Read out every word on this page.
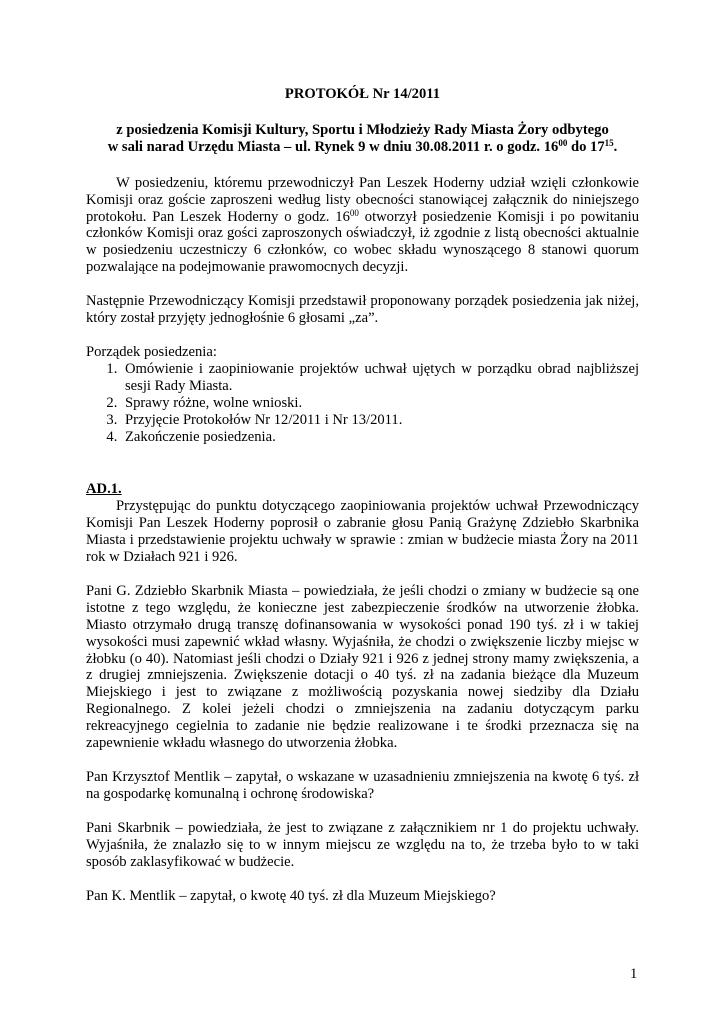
PROTOKÓŁ Nr 14/2011

z posiedzenia Komisji Kultury, Sportu i Młodzieży Rady Miasta Żory odbytego
w sali narad Urzędu Miasta – ul. Rynek 9 w dniu 30.08.2011 r. o godz. $16^{00}$ do $17^{15}$.

W posiedzeniu, któremu przewodniczył Pan Leszek Hoderny udział wzięli członkowie Komisji oraz goście zaproszeni według listy obecności stanowiącej załącznik do niniejszego protokołu. Pan Leszek Hoderny o godz. $16^{00}$ otworzył posiedzenie Komisji i po powitaniu członków Komisji oraz gości zaproszonych oświadczył, iż zgodnie z listą obecności aktualnie w posiedzeniu uczestniczy 6 członków, co wobec składu wynoszącego 8 stanowi quorum pozwalające na podejmowanie prawomocnych decyzji.

Następnie Przewodniczący Komisji przedstawił proponowany porządek posiedzenia jak niżej, który został przyjęty jednogłośnie 6 głosami „za”.

Porządek posiedzenia:

1. Omówienie i zaopiniowanie projektów uchwał ujętych w porządku obrad najbliższej sesji Rady Miasta.
2. Sprawy różne, wolne wnioski.
3. Przyjęcie Protokołów Nr 12/2011 i Nr 13/2011.
4. Zakończenie posiedzenia.

AD.1.

Przystępując do punktu dotyczącego zaopiniowania projektów uchwał Przewodniczący Komisji Pan Leszek Hoderny poprosił o zabranie głosu Panią Grażynę Zdziebło Skarbnika Miasta i przedstawienie projektu uchwały w sprawie : zmian w budżecie miasta Żory na 2011 rok w Działach 921 i 926.

Pani G. Zdziebło Skarbnik Miasta – powiedziała, że jeśli chodzi o zmiany w budżecie są one istotne z tego względu, że konieczne jest zabezpieczenie środków na utworzenie żłobka. Miasto otrzymało drugą transzę dofinansowania w wysokości ponad 190 tyś. zł i w takiej wysokości musi zapewnić wkład własny. Wyjaśniła, że chodzi o zwiększenie liczby miejsc w żłobku (o 40). Natomiast jeśli chodzi o Działy 921 i 926 z jednej strony mamy zwiększenia, a z drugiej zmniejszenia. Zwiększenie dotacji o 40 tyś. zł na zadania bieżące dla Muzeum Miejskiego i jest to związane z możliwością pozyskania nowej siedziby dla Działu Regionalnego. Z kolei jeżeli chodzi o zmniejszenia na zadaniu dotyczącym parku rekreacyjnego cegielnia to zadanie nie będzie realizowane i te środki przeznacza się na zapewnienie wkładu własnego do utworzenia żłobka.

Pan Krzysztof Mentlik – zapytał, o wskazane w uzasadnieniu zmniejszenia na kwotę 6 tyś. zł na gospodarkę komunalną i ochronę środowiska?

Pani Skarbnik – powiedziała, że jest to związane z załącznikiem nr 1 do projektu uchwały. Wyjaśniła, że znalazło się to w innym miejscu ze względu na to, że trzeba było to w taki sposób zaklasyfikować w budżecie.

Pan K. Mentlik – zapytał, o kwotę 40 tyś. zł dla Muzeum Miejskiego?

1
